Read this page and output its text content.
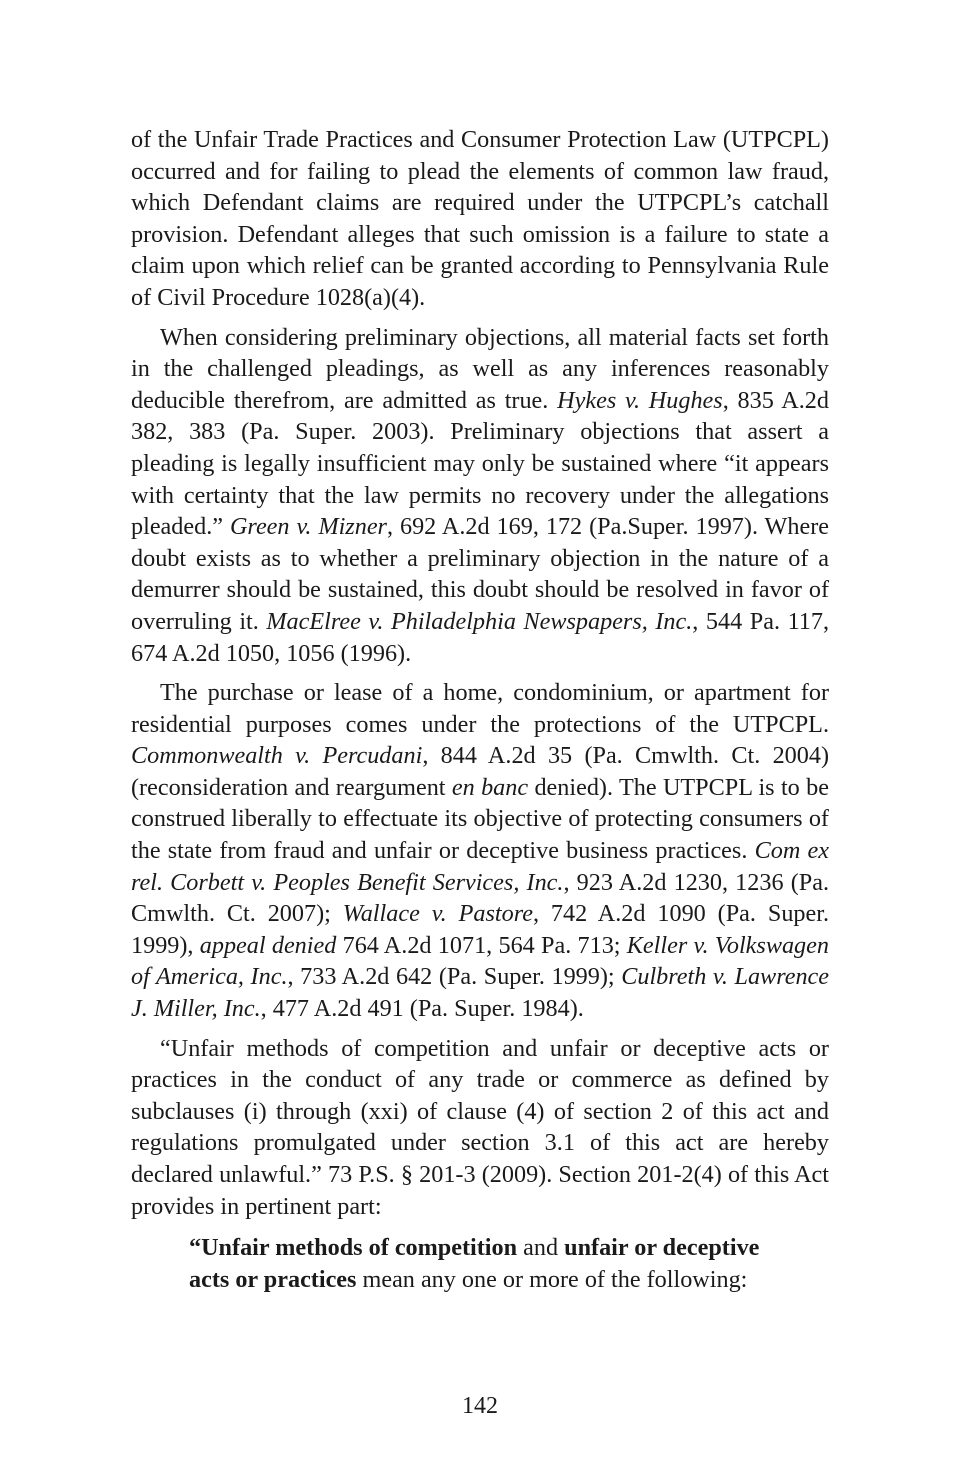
of the Unfair Trade Practices and Consumer Protection Law (UTPCPL) occurred and for failing to plead the elements of common law fraud, which Defendant claims are required under the UTPCPL’s catchall provision. Defendant alleges that such omission is a failure to state a claim upon which relief can be granted according to Pennsylvania Rule of Civil Procedure 1028(a)(4).

When considering preliminary objections, all material facts set forth in the challenged pleadings, as well as any inferences reasonably deducible therefrom, are admitted as true. Hykes v. Hughes, 835 A.2d 382, 383 (Pa. Super. 2003). Preliminary objections that assert a pleading is legally insufficient may only be sustained where “it appears with certainty that the law permits no recovery under the allegations pleaded.” Green v. Mizner, 692 A.2d 169, 172 (Pa.Super. 1997). Where doubt exists as to whether a preliminary objection in the nature of a demurrer should be sustained, this doubt should be resolved in favor of overruling it. MacElree v. Philadelphia Newspapers, Inc., 544 Pa. 117, 674 A.2d 1050, 1056 (1996).

The purchase or lease of a home, condominium, or apartment for residential purposes comes under the protections of the UTPCPL. Commonwealth v. Percudani, 844 A.2d 35 (Pa. Cmwlth. Ct. 2004) (reconsideration and reargument en banc denied). The UTPCPL is to be construed liberally to effectuate its objective of protecting consumers of the state from fraud and unfair or deceptive business practices. Com ex rel. Corbett v. Peoples Benefit Services, Inc., 923 A.2d 1230, 1236 (Pa. Cmwlth. Ct. 2007); Wallace v. Pastore, 742 A.2d 1090 (Pa. Super. 1999), appeal denied 764 A.2d 1071, 564 Pa. 713; Keller v. Volkswagen of America, Inc., 733 A.2d 642 (Pa. Super. 1999); Culbreth v. Lawrence J. Miller, Inc., 477 A.2d 491 (Pa. Super. 1984).

“Unfair methods of competition and unfair or deceptive acts or practices in the conduct of any trade or commerce as defined by subclauses (i) through (xxi) of clause (4) of section 2 of this act and regulations promulgated under section 3.1 of this act are hereby declared unlawful.” 73 P.S. § 201-3 (2009). Section 201-2(4) of this Act provides in pertinent part:

“Unfair methods of competition and unfair or deceptive acts or practices mean any one or more of the following:

142
